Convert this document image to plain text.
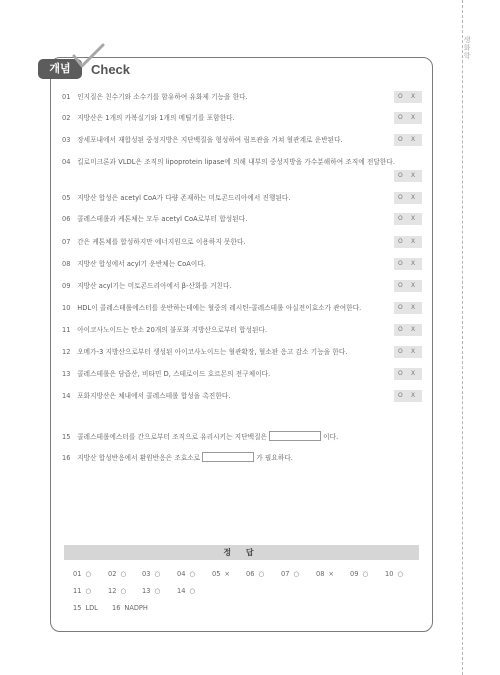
생화학
개념	Check
01 인지질은 친수기와 소수기를 함유하여 유화제 기능을 한다.	O X
02 지방산은 1개의 카복실기와 1개의 메틸기를 포함한다.	O X
03 장세포내에서 재합성된 중성지방은 지단백질을 형성하여 림프관을 거쳐 혈관계로 운반된다.	O X
04 킬로미크론과 VLDL은 조직의 lipoprotein lipase에 의해 내부의 중성지방을 가수분해하여 조직에 전달한다.
O X
05 지방산 합성은 acetyl CoA가 다량 존재하는 미토콘드리아에서 진행된다.	O X
06 콜레스테롤과 케톤체는 모두 acetyl CoA로부터 합성된다.	O X
07 간은 케톤체를 합성하지만 에너지원으로 이용하지 못한다.	O X
08 지방산 합성에서 acyl기 운반체는 CoA이다.	O X
09 지방산 acyl기는 미토콘드리아에서 β-산화를 거친다.	O X
10 HDL이 콜레스테롤에스터를 운반하는데에는 혈중의 레시틴-콜레스테롤 아실전이효소가 관여한다.	O X
11 아이코사노이드는 탄소 20개의 불포화 지방산으로부터 합성된다.	O X
12 오메가-3 지방산으로부터 생성된 아이코사노이드는 혈관확장, 혈소판 응고 감소 기능을 한다.	O X
13 콜레스테롤은 담즙산, 비타민 D, 스테로이드 호르몬의 전구체이다.	O X
14 포화지방산은 체내에서 콜레스테롤 합성을 촉진한다.	O X
15 콜레스테롤에스터를 간으로부터 조직으로 유리시키는 지단백질은	이다.
16 지방산 합성반응에서 환원반응은 조효소로	가 필요하다.
정 답
01 ○	02 ○ 03 ○	04 ○	05 × 06 ○	07 ○	08 × 09 ○	10 ○
11 ○	12 ○ 13 ○	14 ○
15 LDL 16 NADPH
